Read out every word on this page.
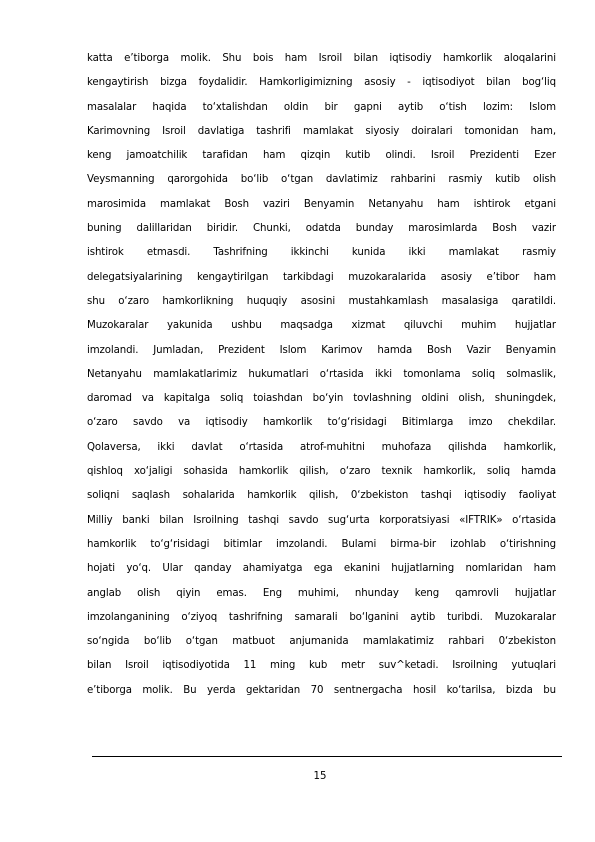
katta e’tiborga molik. Shu bois ham Isroil bilan iqtisodiy hamkorlik aloqalarini
kengaytirish bizga foydalidir. Hamkorligimizning asosiy - iqtisodiyot bilan bog‘liq
masalalar haqida to‘xtalishdan oldin bir gapni aytib o‘tish lozim: Islom
Karimovning Isroil davlatiga tashrifi mamlakat siyosiy doiralari tomonidan ham,
keng jamoatchilik tarafidan ham qizqin kutib olindi. Isroil Prezidenti Ezer
Veysmanning qarorgohida bo‘lib o‘tgan davlatimiz rahbarini rasmiy kutib olish
marosimida mamlakat Bosh vaziri Benyamin Netanyahu ham ishtirok etgani
buning dalillaridan biridir. Chunki, odatda bunday marosimlarda Bosh vazir
ishtirok etmasdi. Tashrifning ikkinchi kunida ikki mamlakat rasmiy
delegatsiyalarining kengaytirilgan tarkibdagi muzokaralarida asosiy e’tibor ham
shu o‘zaro hamkorlikning huquqiy asosini mustahkamlash masalasiga qaratildi.
Muzokaralar yakunida ushbu maqsadga xizmat qiluvchi muhim hujjatlar
imzolandi. Jumladan, Prezident Islom Karimov hamda Bosh Vazir Benyamin
Netanyahu mamlakatlarimiz hukumatlari o‘rtasida ikki tomonlama soliq solmaslik,
daromad va kapitalga soliq toiashdan bo‘yin tovlashning oldini olish, shuningdek,
o‘zaro savdo va iqtisodiy hamkorlik to‘g‘risidagi Bitimlarga imzo chekdilar.
Qolaversa, ikki davlat o‘rtasida atrof-muhitni muhofaza qilishda hamkorlik,
qishloq xo‘jaligi sohasida hamkorlik qilish, o‘zaro texnik hamkorlik, soliq hamda
soliqni saqlash sohalarida hamkorlik qilish, 0‘zbekiston tashqi iqtisodiy faoliyat
Milliy banki bilan Isroilning tashqi savdo sug‘urta korporatsiyasi «IFTRIK» o‘rtasida
hamkorlik to‘g‘risidagi bitimlar imzolandi. Bulami birma-bir izohlab o‘tirishning
hojati yo‘q. Ular qanday ahamiyatga ega ekanini hujjatlarning nomlaridan ham
anglab olish qiyin emas. Eng muhimi, nhunday keng qamrovli hujjatlar
imzolanganining o‘ziyoq tashrifning samarali bo‘lganini aytib turibdi. Muzokaralar
so‘ngida bo‘lib o‘tgan matbuot anjumanida mamlakatimiz rahbari 0‘zbekiston
bilan Isroil iqtisodiyotida 11 ming kub metr suv^ketadi. Isroilning yutuqlari
e’tiborga molik. Bu yerda gektaridan 70 sentnergacha hosil ko‘tarilsa, bizda bu
15
